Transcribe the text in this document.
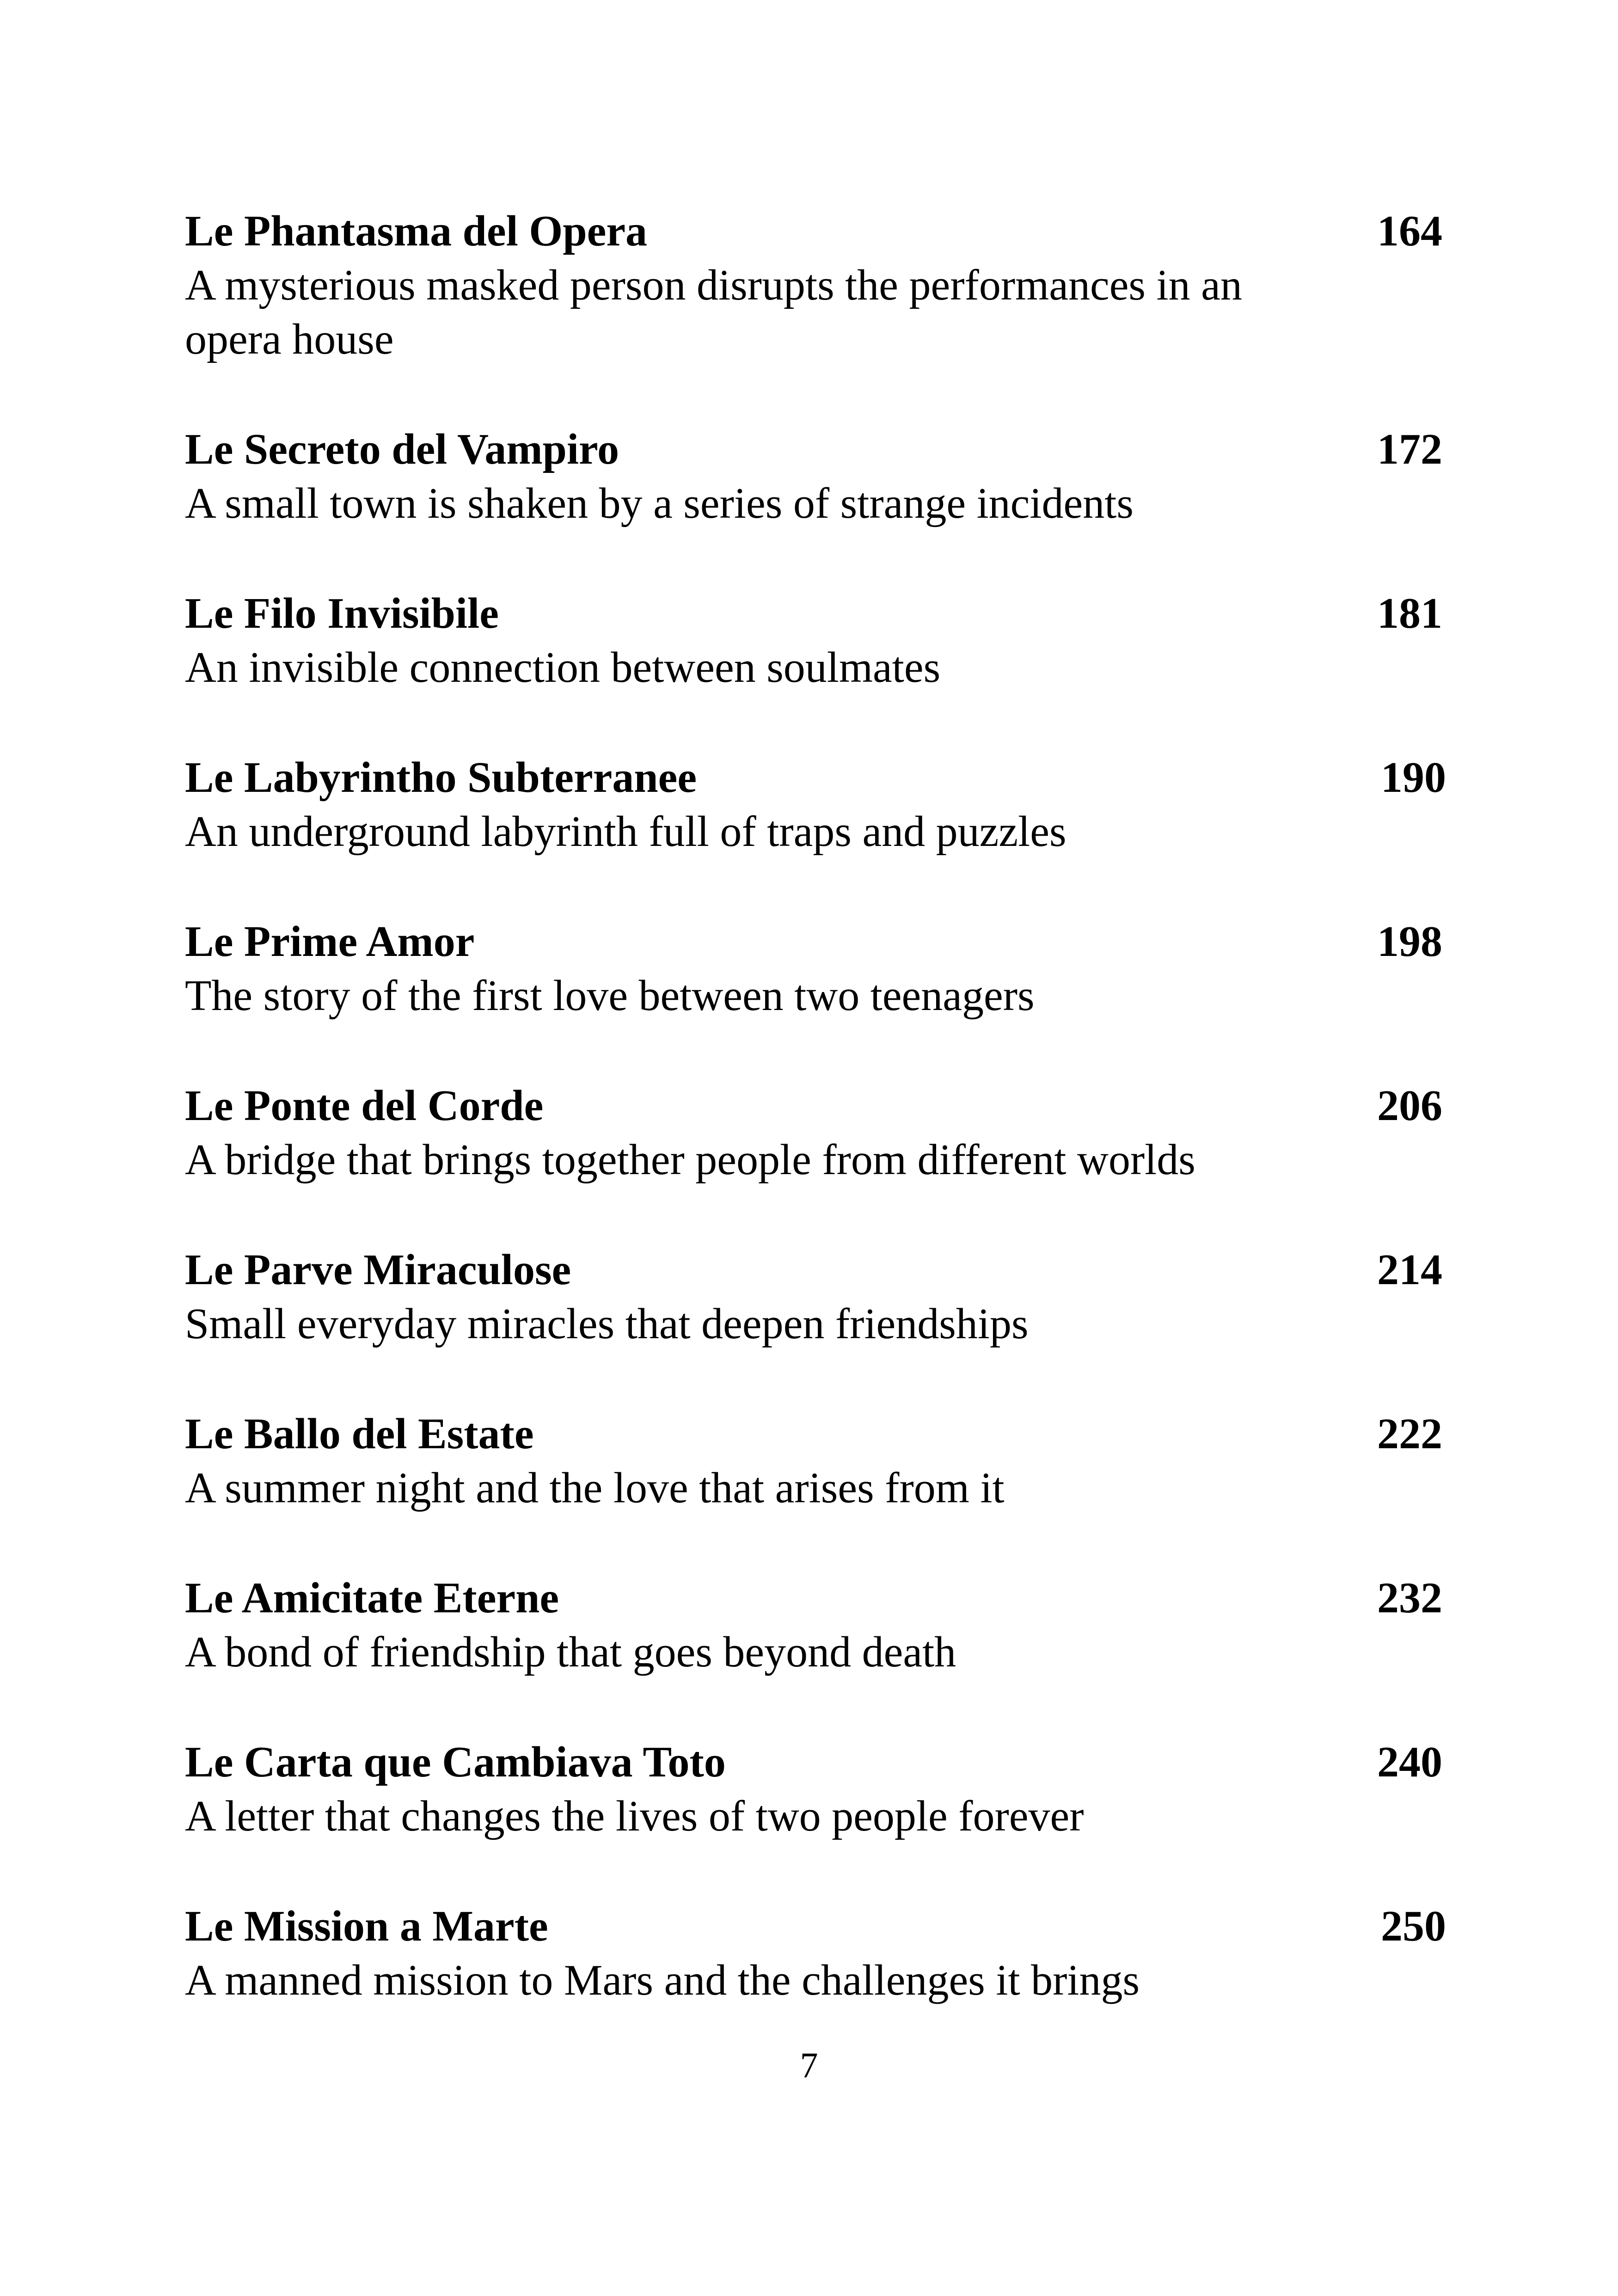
Le Phantasma del Opera	164
A mysterious masked person disrupts the performances in an opera house
Le Secreto del Vampiro	172
A small town is shaken by a series of strange incidents
Le Filo Invisibile	181
An invisible connection between soulmates
Le Labyrintho Subterranee	190
An underground labyrinth full of traps and puzzles
Le Prime Amor	198
The story of the first love between two teenagers
Le Ponte del Corde	206
A bridge that brings together people from different worlds
Le Parve Miraculose	214
Small everyday miracles that deepen friendships
Le Ballo del Estate	222
A summer night and the love that arises from it
Le Amicitate Eterne	232
A bond of friendship that goes beyond death
Le Carta que Cambiava Toto	240
A letter that changes the lives of two people forever
Le Mission a Marte	250
A manned mission to Mars and the challenges it brings
7
